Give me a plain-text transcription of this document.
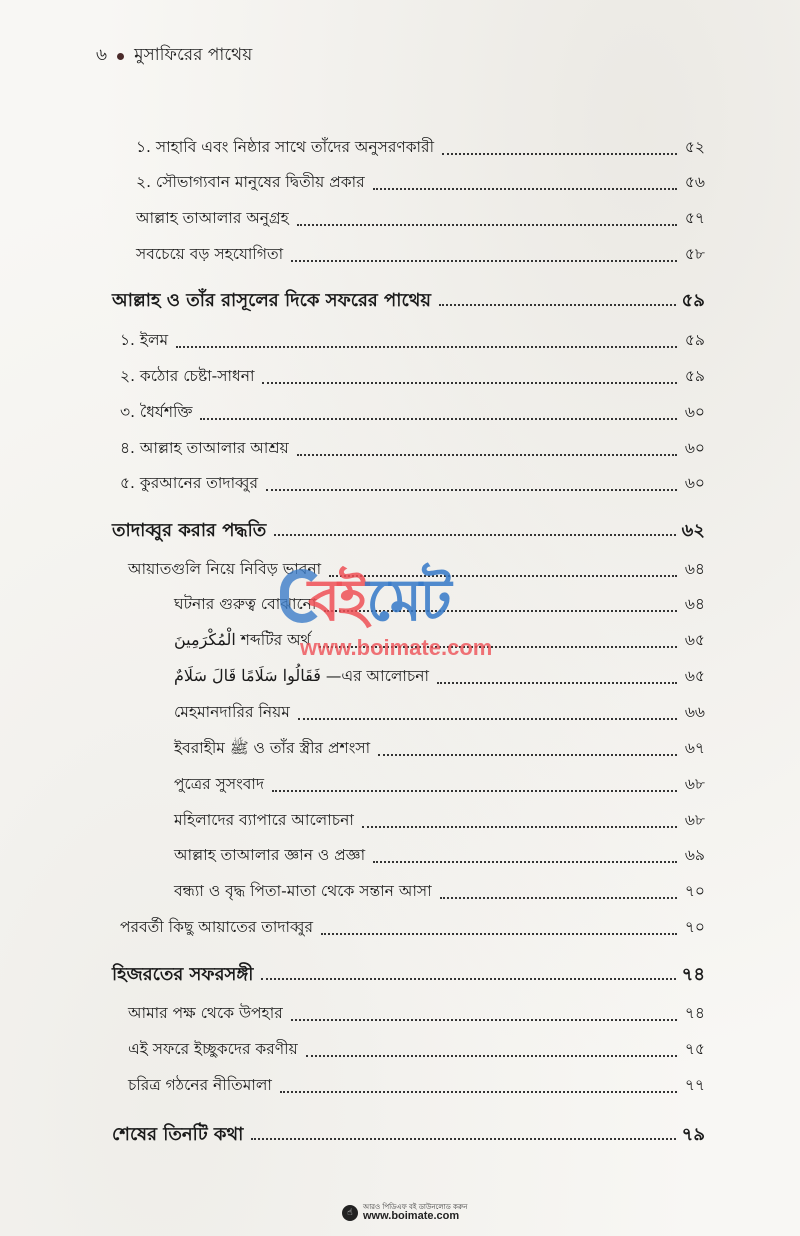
৬ মুসাফিরের পাথেয়
১. সাহাবি এবং নিষ্ঠার সাথে তাঁদের অনুসরণকারী	৫২
২. সৌভাগ্যবান মানুষের দ্বিতীয় প্রকার	৫৬
আল্লাহ তাআলার অনুগ্রহ	৫৭
সবচেয়ে বড় সহযোগিতা	৫৮
আল্লাহ ও তাঁর রাসূলের দিকে সফরের পাথেয়	৫৯
১. ইলম	৫৯
২. কঠোর চেষ্টা-সাধনা	৫৯
৩. ধৈর্যশক্তি	৬০
৪. আল্লাহ তাআলার আশ্রয়	৬০
৫. কুরআনের তাদাব্বুর	৬০
তাদাব্বুর করার পদ্ধতি	৬২
আয়াতগুলি নিয়ে নিবিড় ভাবনা	৬৪
ঘটনার গুরুত্ব বোঝানো	৬৪
الْمُكْرَمِينَ শব্দটির অর্থ	৬৫
فَقَالُوا سَلَامًا قَالَ سَلَامٌ —এর আলোচনা	৬৫
মেহমানদারির নিয়ম	৬৬
ইবরাহীম ﷺ ও তাঁর স্ত্রীর প্রশংসা	৬৭
পুত্রের সুসংবাদ	৬৮
মহিলাদের ব্যাপারে আলোচনা	৬৮
আল্লাহ তাআলার জ্ঞান ও প্রজ্ঞা	৬৯
বন্ধ্যা ও বৃদ্ধ পিতা-মাতা থেকে সন্তান আসা	৭০
পরবর্তী কিছু আয়াতের তাদাব্বুর	৭০
হিজরতের সফরসঙ্গী	৭৪
আমার পক্ষ থেকে উপহার	৭৪
এই সফরে ইচ্ছুকদের করণীয়	৭৫
চরিত্র গঠনের নীতিমালা	৭৭
শেষের তিনটি কথা	৭৯
বইমেট
www.boimate.com
☝
আরও পিডিএফ বই ডাউনলোড করুন
www.boimate.com
